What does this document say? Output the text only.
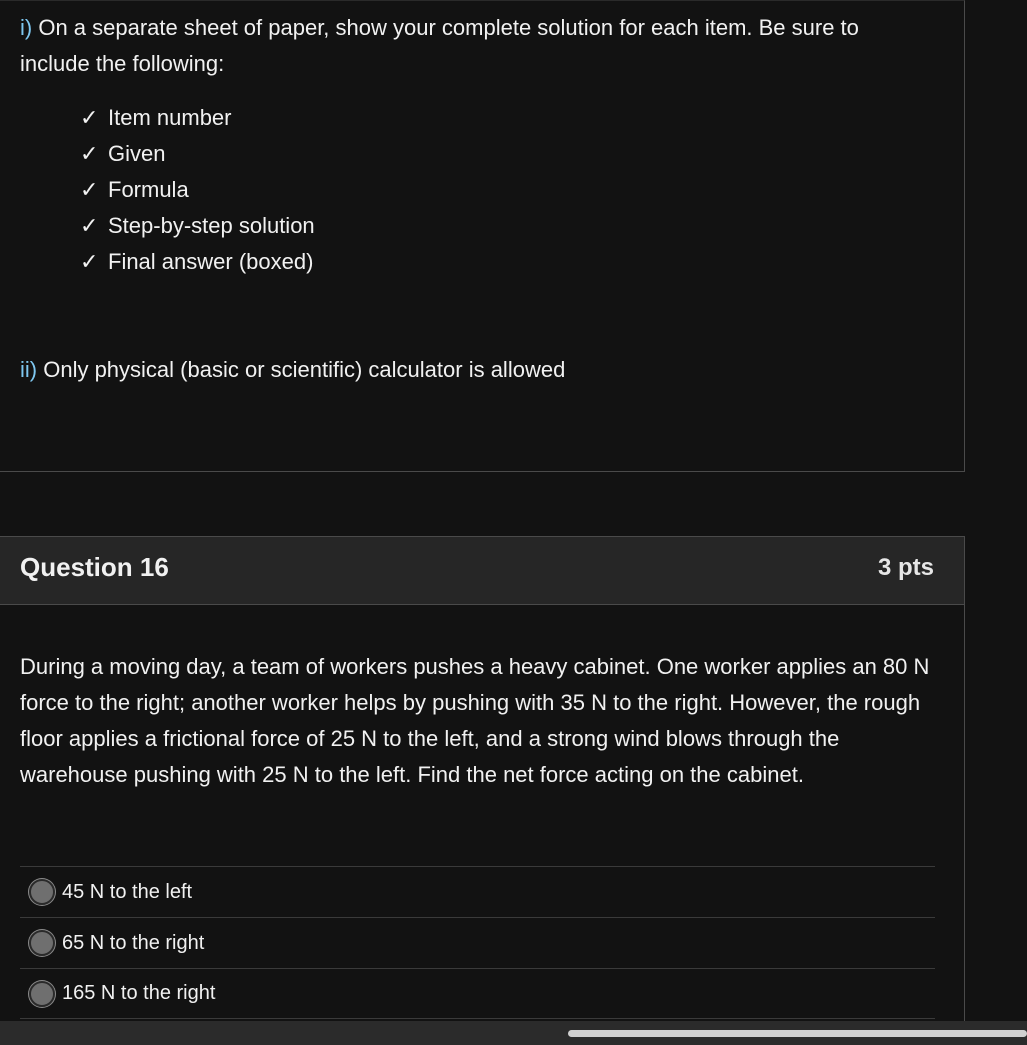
i) On a separate sheet of paper, show your complete solution for each item. Be sure to
include the following:
✓ Item number
✓ Given
✓ Formula
✓ Step-by-step solution
✓ Final answer (boxed)
ii) Only physical (basic or scientific) calculator is allowed
Question 16	3 pts
During a moving day, a team of workers pushes a heavy cabinet. One worker applies an 80 N force to the right; another worker helps by pushing with 35 N to the right. However, the rough floor applies a frictional force of 25 N to the left, and a strong wind blows through the warehouse pushing with 25 N to the left. Find the net force acting on the cabinet.
45 N to the left
65 N to the right
165 N to the right
